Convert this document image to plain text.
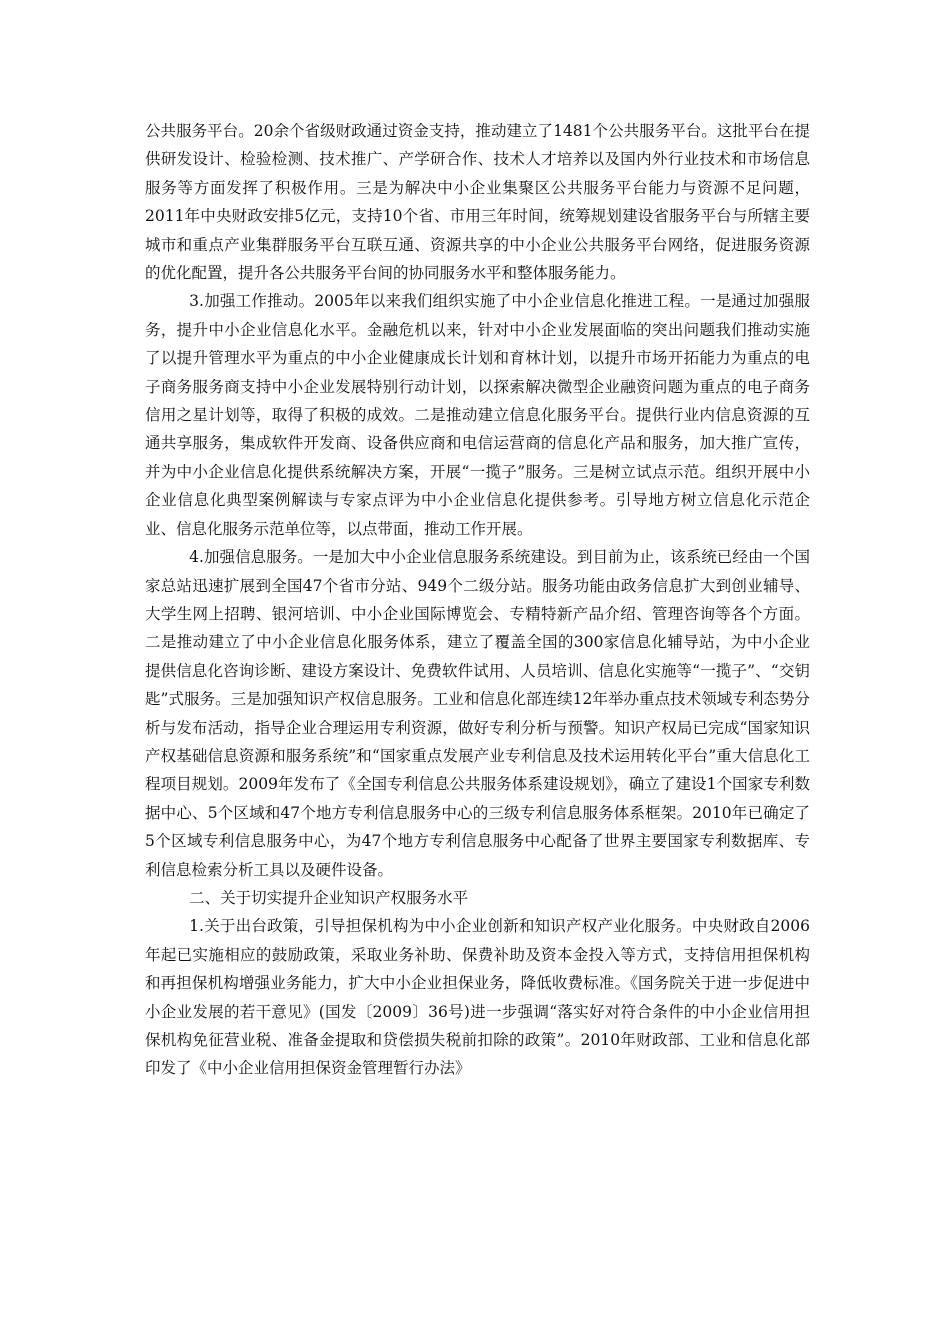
公共服务平台。20余个省级财政通过资金支持，推动建立了1481个公共服务平台。这批平台在提供研发设计、检验检测、技术推广、产学研合作、技术人才培养以及国内外行业技术和市场信息服务等方面发挥了积极作用。三是为解决中小企业集聚区公共服务平台能力与资源不足问题，2011年中央财政安排5亿元，支持10个省、市用三年时间，统筹规划建设省服务平台与所辖主要城市和重点产业集群服务平台互联互通、资源共享的中小企业公共服务平台网络，促进服务资源的优化配置，提升各公共服务平台间的协同服务水平和整体服务能力。

3.加强工作推动。2005年以来我们组织实施了中小企业信息化推进工程。一是通过加强服务，提升中小企业信息化水平。金融危机以来，针对中小企业发展面临的突出问题我们推动实施了以提升管理水平为重点的中小企业健康成长计划和育林计划，以提升市场开拓能力为重点的电子商务服务商支持中小企业发展特别行动计划，以探索解决微型企业融资问题为重点的电子商务信用之星计划等，取得了积极的成效。二是推动建立信息化服务平台。提供行业内信息资源的互通共享服务，集成软件开发商、设备供应商和电信运营商的信息化产品和服务，加大推广宣传，并为中小企业信息化提供系统解决方案，开展“一揽子”服务。三是树立试点示范。组织开展中小企业信息化典型案例解读与专家点评为中小企业信息化提供参考。引导地方树立信息化示范企业、信息化服务示范单位等，以点带面，推动工作开展。

4.加强信息服务。一是加大中小企业信息服务系统建设。到目前为止，该系统已经由一个国家总站迅速扩展到全国47个省市分站、949个二级分站。服务功能由政务信息扩大到创业辅导、大学生网上招聘、银河培训、中小企业国际博览会、专精特新产品介绍、管理咨询等各个方面。二是推动建立了中小企业信息化服务体系，建立了覆盖全国的300家信息化辅导站，为中小企业提供信息化咨询诊断、建设方案设计、免费软件试用、人员培训、信息化实施等“一揽子”、“交钥匙”式服务。三是加强知识产权信息服务。工业和信息化部连续12年举办重点技术领域专利态势分析与发布活动，指导企业合理运用专利资源，做好专利分析与预警。知识产权局已完成“国家知识产权基础信息资源和服务系统”和“国家重点发展产业专利信息及技术运用转化平台”重大信息化工程项目规划。2009年发布了《全国专利信息公共服务体系建设规划》，确立了建设1个国家专利数据中心、5个区域和47个地方专利信息服务中心的三级专利信息服务体系框架。2010年已确定了5个区域专利信息服务中心，为47个地方专利信息服务中心配备了世界主要国家专利数据库、专利信息检索分析工具以及硬件设备。

二、关于切实提升企业知识产权服务水平

1.关于出台政策，引导担保机构为中小企业创新和知识产权产业化服务。中央财政自2006年起已实施相应的鼓励政策，采取业务补助、保费补助及资本金投入等方式，支持信用担保机构和再担保机构增强业务能力，扩大中小企业担保业务，降低收费标准。《国务院关于进一步促进中小企业发展的若干意见》(国发〔2009〕36号)进一步强调“落实好对符合条件的中小企业信用担保机构免征营业税、准备金提取和贷偿损失税前扣除的政策”。2010年财政部、工业和信息化部印发了《中小企业信用担保资金管理暂行办法》
